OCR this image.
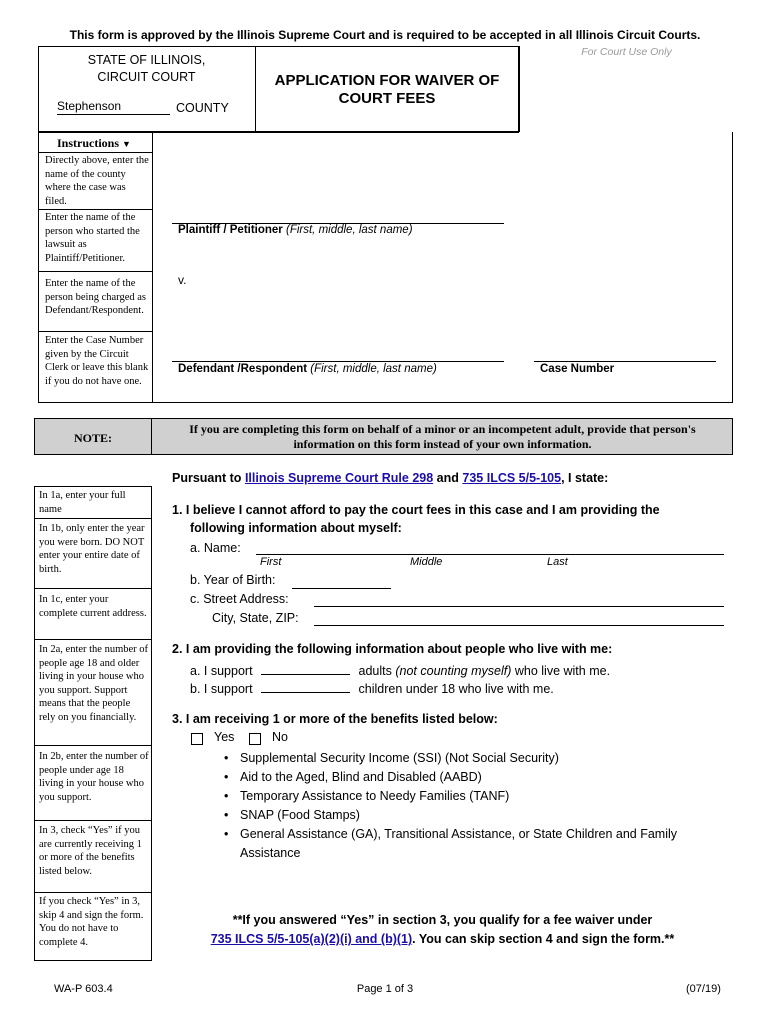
This form is approved by the Illinois Supreme Court and is required to be accepted in all Illinois Circuit Courts.
STATE OF ILLINOIS,
CIRCUIT COURT
Stephenson	COUNTY
APPLICATION FOR WAIVER OF
COURT FEES
For Court Use Only
Instructions ▼
Directly above, enter the name of the county where the case was filed.
Enter the name of the person who started the lawsuit as Plaintiff/Petitioner.
Enter the name of the person being charged as Defendant/Respondent.
Enter the Case Number given by the Circuit Clerk or leave this blank if you do not have one.
Plaintiff / Petitioner (First, middle, last name)
v.
Defendant /Respondent (First, middle, last name)	Case Number
NOTE:
If you are completing this form on behalf of a minor or an incompetent adult, provide that person's
information on this form instead of your own information.
Pursuant to Illinois Supreme Court Rule 298 and 735 ILCS 5/5-105, I state:
In 1a, enter your full name
In 1b, only enter the year you were born. DO NOT enter your entire date of birth.
In 1c, enter your complete current address.
In 2a, enter the number of people age 18 and older living in your house who you support. Support means that the people rely on you financially.
In 2b, enter the number of people under age 18 living in your house who you support.
In 3, check “Yes” if you are currently receiving 1 or more of the benefits listed below.
If you check “Yes” in 3, skip 4 and sign the form. You do not have to complete 4.
1. I believe I cannot afford to pay the court fees in this case and I am providing the
following information about myself:
a. Name:
First	Middle	Last
b. Year of Birth:
c. Street Address:
City, State, ZIP:
2. I am providing the following information about people who live with me:
a. I support	adults (not counting myself) who live with me.
b. I support	children under 18 who live with me.
3. I am receiving 1 or more of the benefits listed below:
Yes	No
• Supplemental Security Income (SSI) (Not Social Security)
• Aid to the Aged, Blind and Disabled (AABD)
• Temporary Assistance to Needy Families (TANF)
• SNAP (Food Stamps)
• General Assistance (GA), Transitional Assistance, or State Children and Family Assistance
**If you answered “Yes” in section 3, you qualify for a fee waiver under
735 ILCS 5/5-105(a)(2)(i) and (b)(1). You can skip section 4 and sign the form.**
WA-P 603.4	Page 1 of 3	(07/19)
